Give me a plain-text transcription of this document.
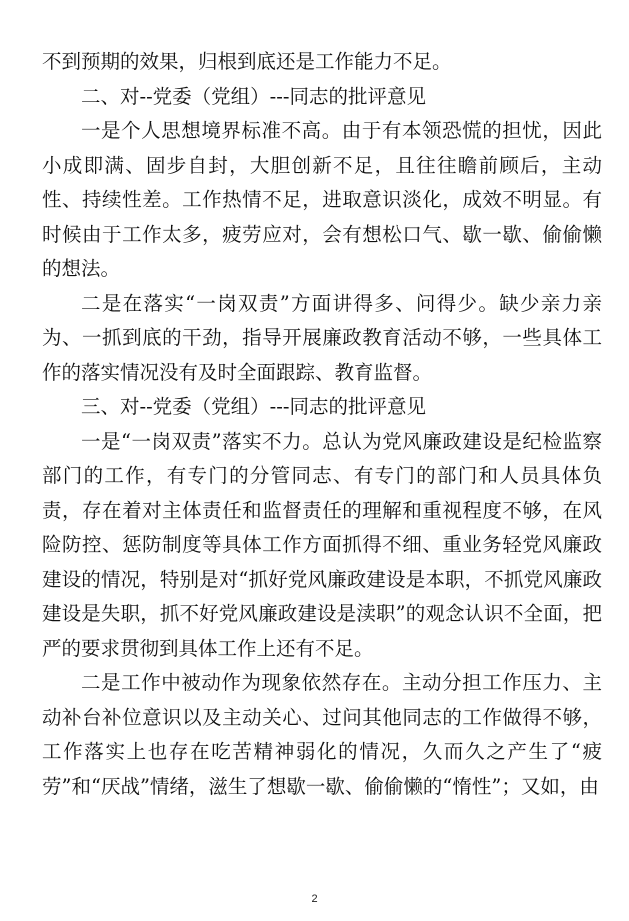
不到预期的效果，归根到底还是工作能力不足。

二、对--党委（党组）---同志的批评意见

一是个人思想境界标准不高。由于有本领恐慌的担忧，因此小成即满、固步自封，大胆创新不足，且往往瞻前顾后，主动性、持续性差。工作热情不足，进取意识淡化，成效不明显。有时候由于工作太多，疲劳应对，会有想松口气、歇一歇、偷偷懒的想法。

二是在落实“一岗双责”方面讲得多、问得少。缺少亲力亲为、一抓到底的干劲，指导开展廉政教育活动不够，一些具体工作的落实情况没有及时全面跟踪、教育监督。

三、对--党委（党组）---同志的批评意见

一是“一岗双责”落实不力。总认为党风廉政建设是纪检监察部门的工作，有专门的分管同志、有专门的部门和人员具体负责，存在着对主体责任和监督责任的理解和重视程度不够，在风险防控、惩防制度等具体工作方面抓得不细、重业务轻党风廉政建设的情况，特别是对“抓好党风廉政建设是本职，不抓党风廉政建设是失职，抓不好党风廉政建设是渎职”的观念认识不全面，把严的要求贯彻到具体工作上还有不足。

二是工作中被动作为现象依然存在。主动分担工作压力、主动补台补位意识以及主动关心、过问其他同志的工作做得不够，工作落实上也存在吃苦精神弱化的情况，久而久之产生了“疲劳”和“厌战”情绪，滋生了想歇一歇、偷偷懒的“惰性”；又如，由

2
